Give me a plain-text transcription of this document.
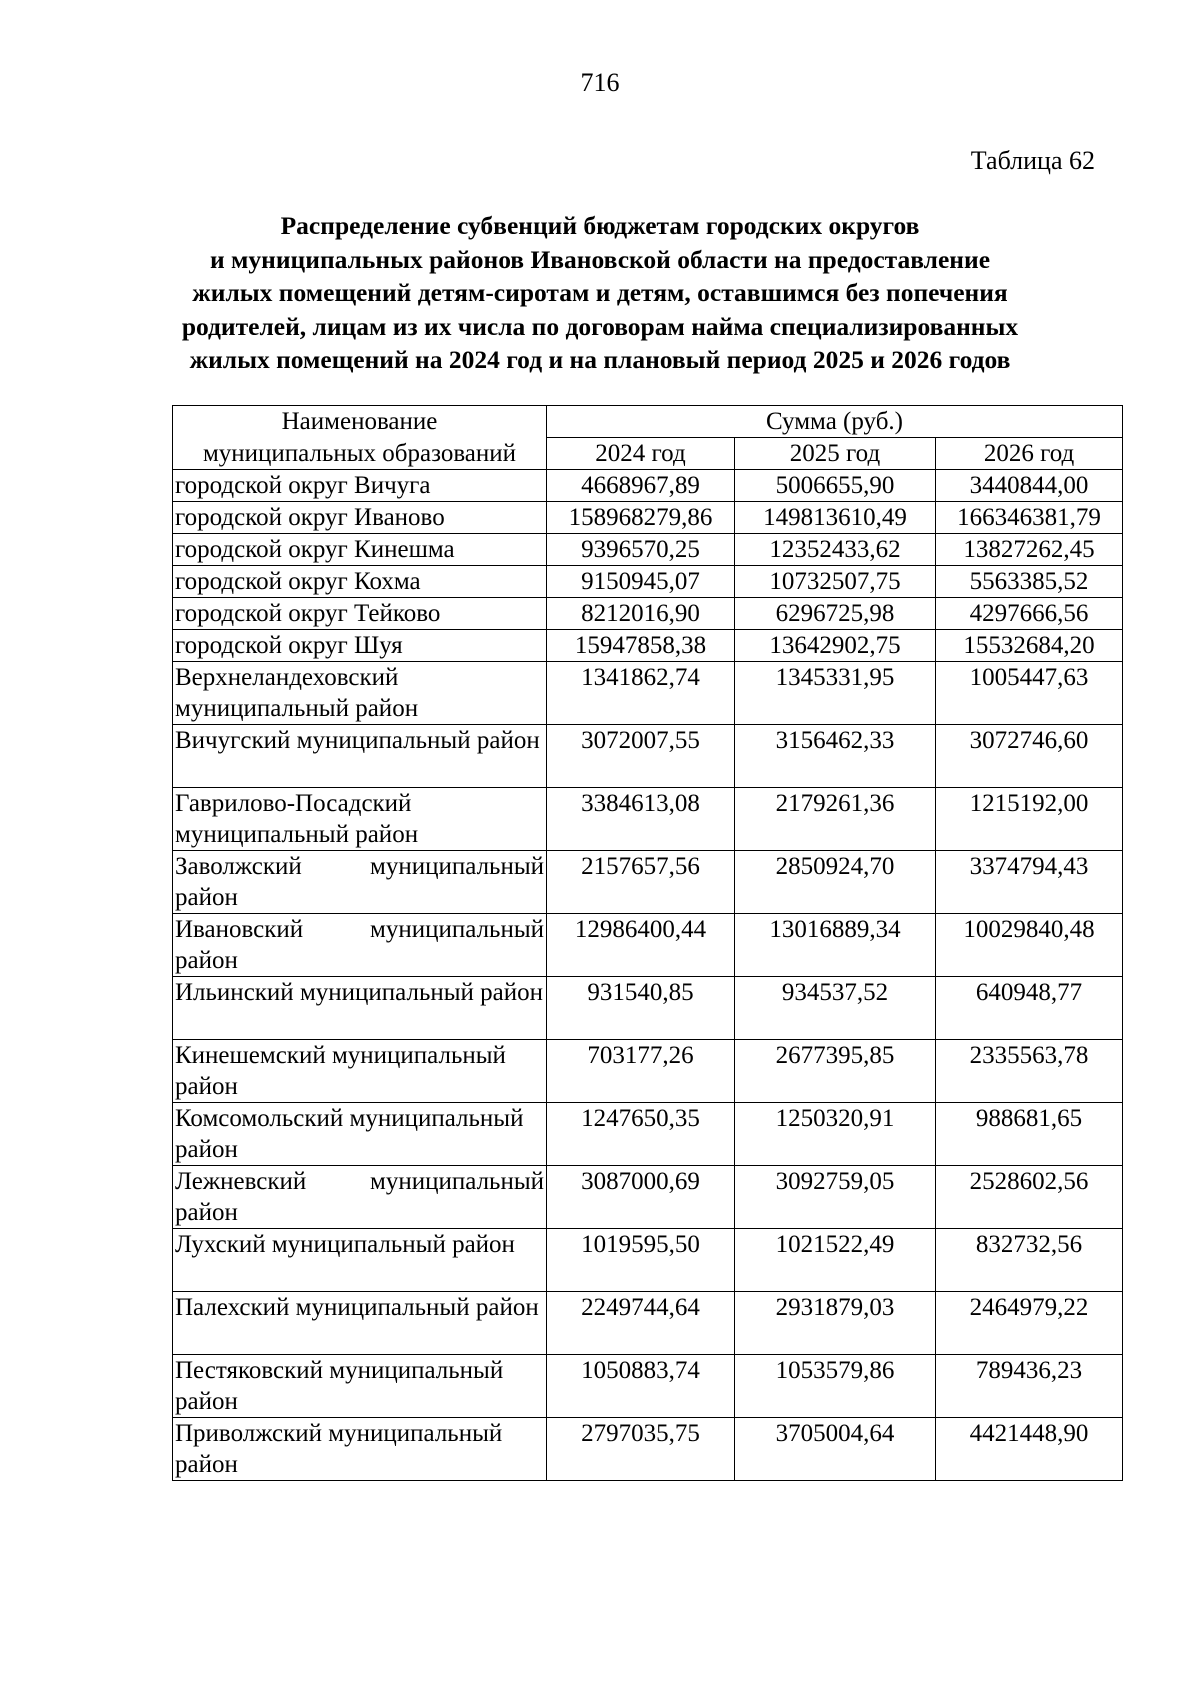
716
Таблица 62
Распределение субвенций бюджетам городских округов
и муниципальных районов Ивановской области на предоставление
жилых помещений детям-сиротам и детям, оставшимся без попечения
родителей, лицам из их числа по договорам найма специализированных
жилых помещений на 2024 год и на плановый период 2025 и 2026 годов
Наименование	Сумма (руб.)		
муниципальных образований	2024 год	2025 год	2026 год
городской округ Вичуга	4668967,89	5006655,90	3440844,00
городской округ Иваново	158968279,86	149813610,49	166346381,79
городской округ Кинешма	9396570,25	12352433,62	13827262,45
городской округ Кохма	9150945,07	10732507,75	5563385,52
городской округ Тейково	8212016,90	6296725,98	4297666,56
городской округ Шуя	15947858,38	13642902,75	15532684,20
Верхнеландеховский муниципальный район	1341862,74	1345331,95	1005447,63
Вичугский муниципальный район	3072007,55	3156462,33	3072746,60
Гаврилово-Посадский муниципальный район	3384613,08	2179261,36	1215192,00
Заволжский муниципальный район	2157657,56	2850924,70	3374794,43
Ивановский муниципальный район	12986400,44	13016889,34	10029840,48
Ильинский муниципальный район	931540,85	934537,52	640948,77
Кинешемский муниципальный район	703177,26	2677395,85	2335563,78
Комсомольский муниципальный район	1247650,35	1250320,91	988681,65
Лежневский муниципальный район	3087000,69	3092759,05	2528602,56
Лухский муниципальный район	1019595,50	1021522,49	832732,56
Палехский муниципальный район	2249744,64	2931879,03	2464979,22
Пестяковский муниципальный район	1050883,74	1053579,86	789436,23
Приволжский муниципальный район	2797035,75	3705004,64	4421448,90
